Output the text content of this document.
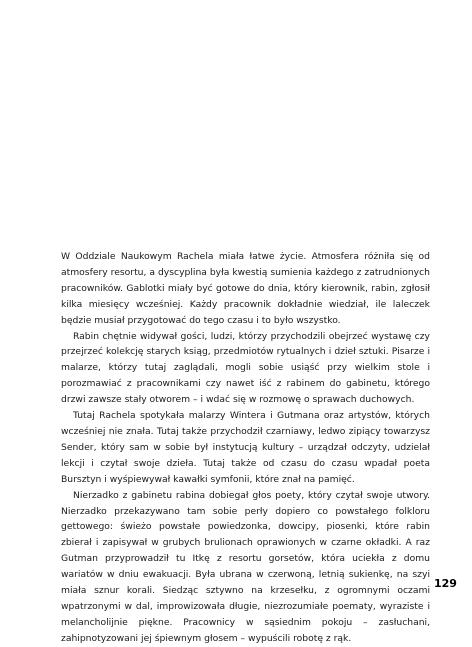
W Oddziale Naukowym Rachela miała łatwe życie. Atmosfera różniła się od atmosfery resortu, a dyscyplina była kwestią sumienia każdego z zatrudnionych pracowników. Gablotki miały być gotowe do dnia, który kierownik, rabin, zgłosił kilka miesięcy wcześniej. Każdy pracownik dokładnie wiedział, ile laleczek będzie musiał przygotować do tego czasu i to było wszystko.

Rabin chętnie widywał gości, ludzi, którzy przychodzili obejrzeć wystawę czy przejrzeć kolekcję starych ksiąg, przedmiotów rytualnych i dzieł sztuki. Pisarze i malarze, którzy tutaj zaglądali, mogli sobie usiąść przy wielkim stole i porozmawiać z pracownikami czy nawet iść z rabinem do gabinetu, którego drzwi zawsze stały otworem – i wdać się w rozmowę o sprawach duchowych.

Tutaj Rachela spotykała malarzy Wintera i Gutmana oraz artystów, których wcześniej nie znała. Tutaj także przychodził czarniawy, ledwo zipiący towarzysz Sender, który sam w sobie był instytucją kultury – urządzał odczyty, udzielał lekcji i czytał swoje dzieła. Tutaj także od czasu do czasu wpadał poeta Bursztyn i wyśpiewywał kawałki symfonii, które znał na pamięć.

Nierzadko z gabinetu rabina dobiegał głos poety, który czytał swoje utwory. Nierzadko przekazywano tam sobie perły dopiero co powstałego folkloru gettowego: świeżo powstałe powiedzonka, dowcipy, piosenki, które rabin zbierał i zapisywał w grubych brulionach oprawionych w czarne okładki. A raz Gutman przyprowadził tu Itkę z resortu gorsetów, która uciekła z domu wariatów w dniu ewakuacji. Była ubrana w czerwoną, letnią sukienkę, na szyi miała sznur korali. Siedząc sztywno na krzesełku, z ogromnymi oczami wpatrzonymi w dal, improwizowała długie, niezrozumiałe poematy, wyraziste i melancholijnie piękne. Pracownicy w sąsiednim pokoju – zasłuchani, zahipnotyzowani jej śpiewnym głosem – wypuścili robotę z rąk.

129
